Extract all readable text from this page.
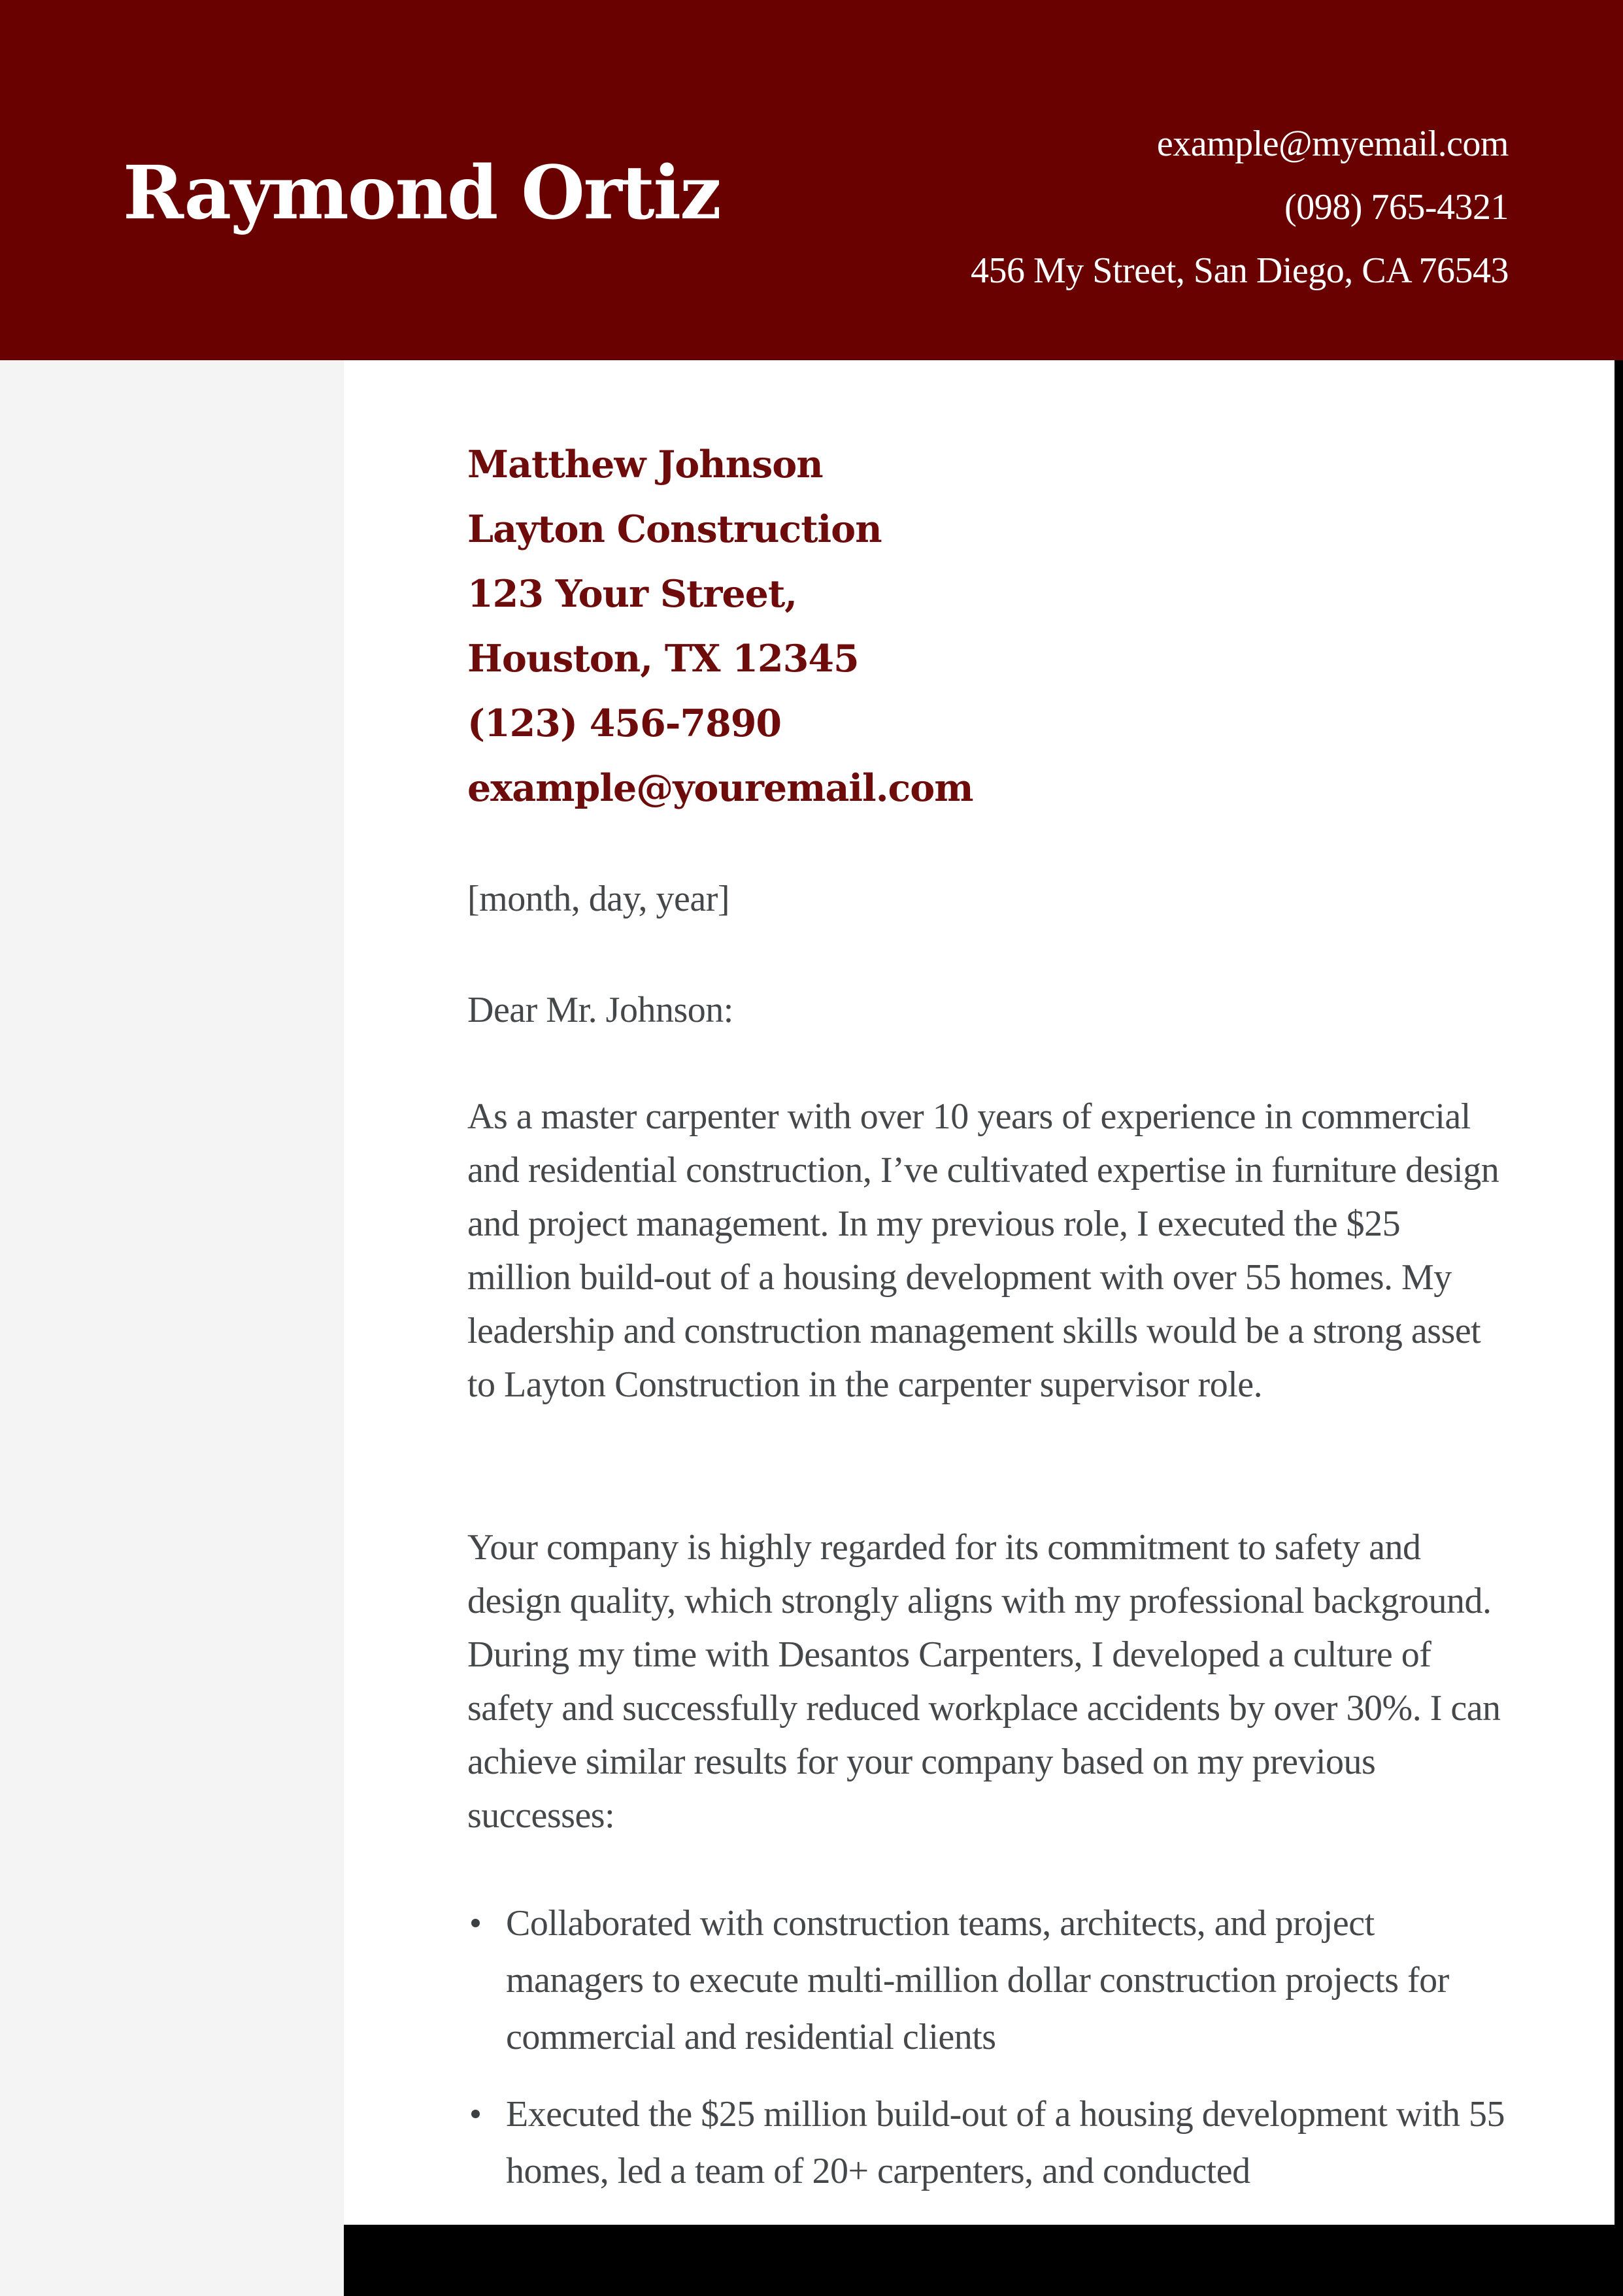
Raymond Ortiz
example@myemail.com
(098) 765-4321
456 My Street, San Diego, CA 76543
Matthew Johnson
Layton Construction
123 Your Street,
Houston, TX 12345
(123) 456-7890
example@youremail.com
[month, day, year]
Dear Mr. Johnson:
As a master carpenter with over 10 years of experience in commercial and residential construction, I’ve cultivated expertise in furniture design and project management. In my previous role, I executed the $25 million build-out of a housing development with over 55 homes. My leadership and construction management skills would be a strong asset to Layton Construction in the carpenter supervisor role.
Your company is highly regarded for its commitment to safety and design quality, which strongly aligns with my professional background. During my time with Desantos Carpenters, I developed a culture of safety and successfully reduced workplace accidents by over 30%. I can achieve similar results for your company based on my previous successes:
Collaborated with construction teams, architects, and project managers to execute multi-million dollar construction projects for commercial and residential clients
Executed the $25 million build-out of a housing development with 55 homes, led a team of 20+ carpenters, and conducted
